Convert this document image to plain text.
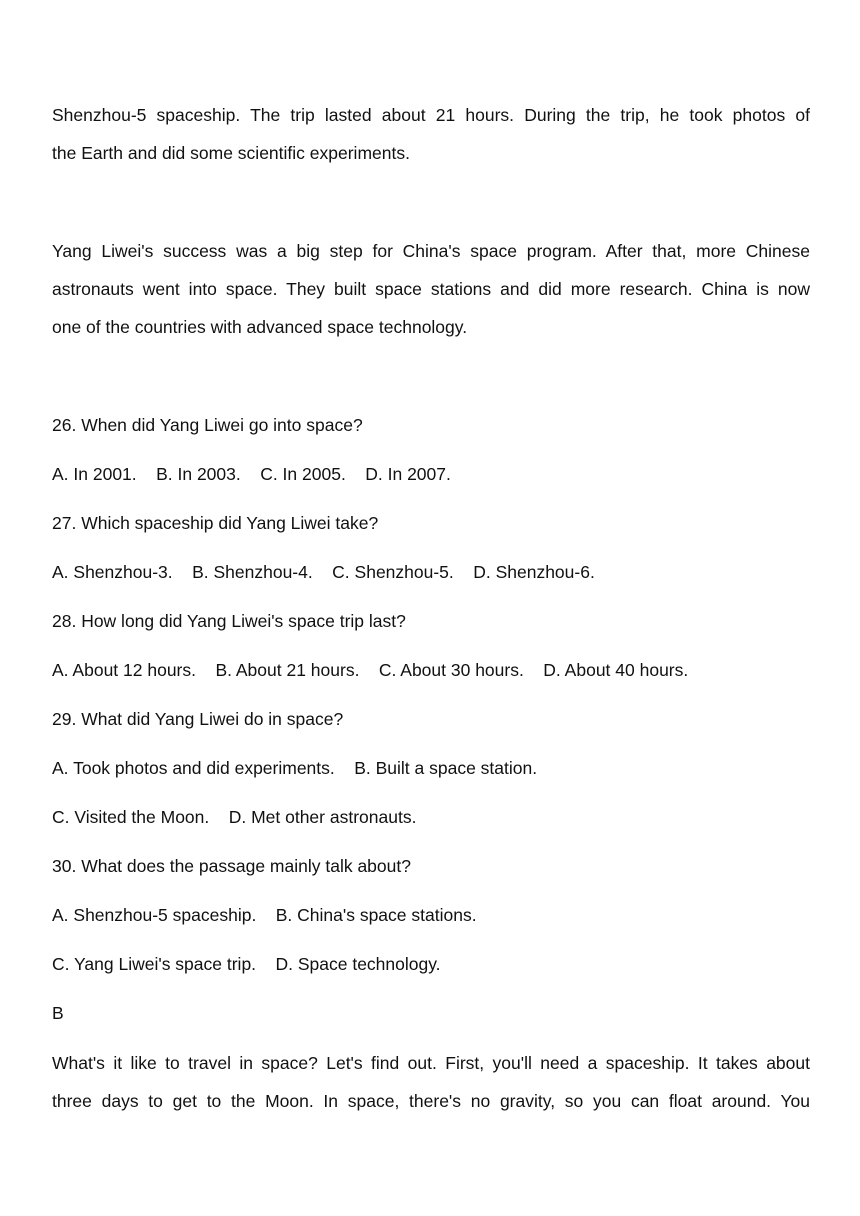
Shenzhou-5 spaceship. The trip lasted about 21 hours. During the trip, he took photos of
the Earth and did some scientific experiments.
Yang Liwei's success was a big step for China's space program. After that, more Chinese
astronauts went into space. They built space stations and did more research. China is now
one of the countries with advanced space technology.
26. When did Yang Liwei go into space?
A. In 2001.    B. In 2003.    C. In 2005.    D. In 2007.
27. Which spaceship did Yang Liwei take?
A. Shenzhou-3.    B. Shenzhou-4.    C. Shenzhou-5.    D. Shenzhou-6.
28. How long did Yang Liwei's space trip last?
A. About 12 hours.    B. About 21 hours.    C. About 30 hours.    D. About 40 hours.
29. What did Yang Liwei do in space?
A. Took photos and did experiments.    B. Built a space station.
C. Visited the Moon.    D. Met other astronauts.
30. What does the passage mainly talk about?
A. Shenzhou-5 spaceship.    B. China's space stations.
C. Yang Liwei's space trip.    D. Space technology.
B
What's it like to travel in space? Let's find out. First, you'll need a spaceship. It takes about
three days to get to the Moon. In space, there's no gravity, so you can float around. You
